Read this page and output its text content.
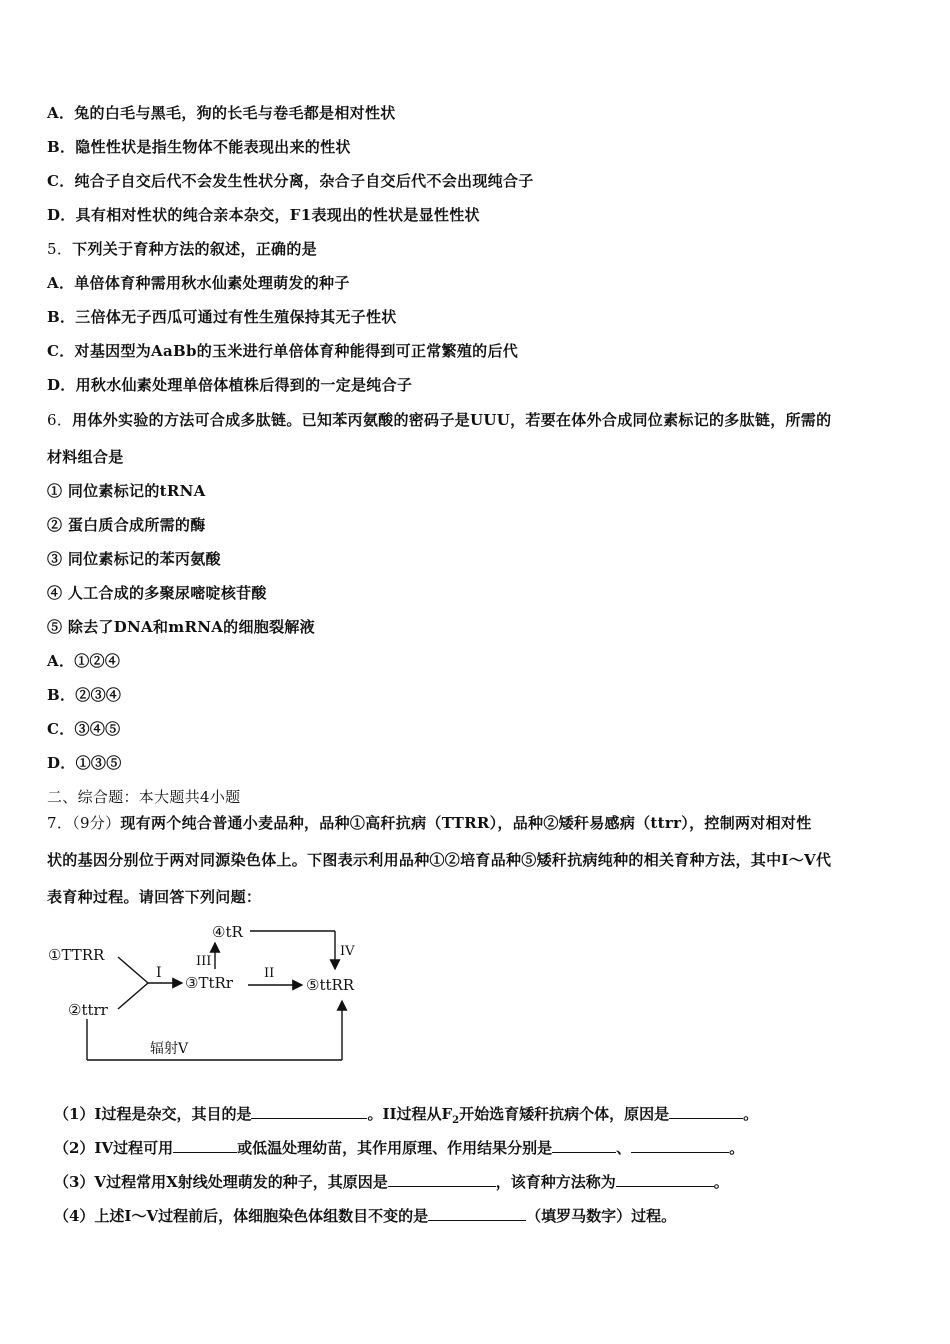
A．兔的白毛与黑毛，狗的长毛与卷毛都是相对性状
B．隐性性状是指生物体不能表现出来的性状
C．纯合子自交后代不会发生性状分离，杂合子自交后代不会出现纯合子
D．具有相对性状的纯合亲本杂交，F1表现出的性状是显性性状
5．下列关于育种方法的叙述，正确的是
A．单倍体育种需用秋水仙素处理萌发的种子
B．三倍体无子西瓜可通过有性生殖保持其无子性状
C．对基因型为AaBb的玉米进行单倍体育种能得到可正常繁殖的后代
D．用秋水仙素处理单倍体植株后得到的一定是纯合子
6．用体外实验的方法可合成多肽链。已知苯丙氨酸的密码子是UUU，若要在体外合成同位素标记的多肽链，所需的
材料组合是
① 同位素标记的tRNA
② 蛋白质合成所需的酶
③ 同位素标记的苯丙氨酸
④ 人工合成的多聚尿嘧啶核苷酸
⑤ 除去了DNA和mRNA的细胞裂解液
A．①②④
B．②③④
C．③④⑤
D．①③⑤
二、综合题：本大题共4小题
7．（9分）现有两个纯合普通小麦品种，品种①高秆抗病（TTRR），品种②矮秆易感病（ttrr），控制两对相对性
状的基因分别位于两对同源染色体上。下图表示利用品种①②培育品种⑤矮秆抗病纯种的相关育种方法，其中I～V代
表育种过程。请回答下列问题：
①TTRR
②ttrr
I
③TtRr
III
④tR
IV
II
⑤ttRR
辐射V
（1）I过程是杂交，其目的是	。II过程从$F_2$开始选育矮秆抗病个体，原因是	。
（2）IV过程可用	或低温处理幼苗，其作用原理、作用结果分别是	、	。
（3）V过程常用X射线处理萌发的种子，其原因是	，该育种方法称为	。
（4）上述I～V过程前后，体细胞染色体组数目不变的是	（填罗马数字）过程。
